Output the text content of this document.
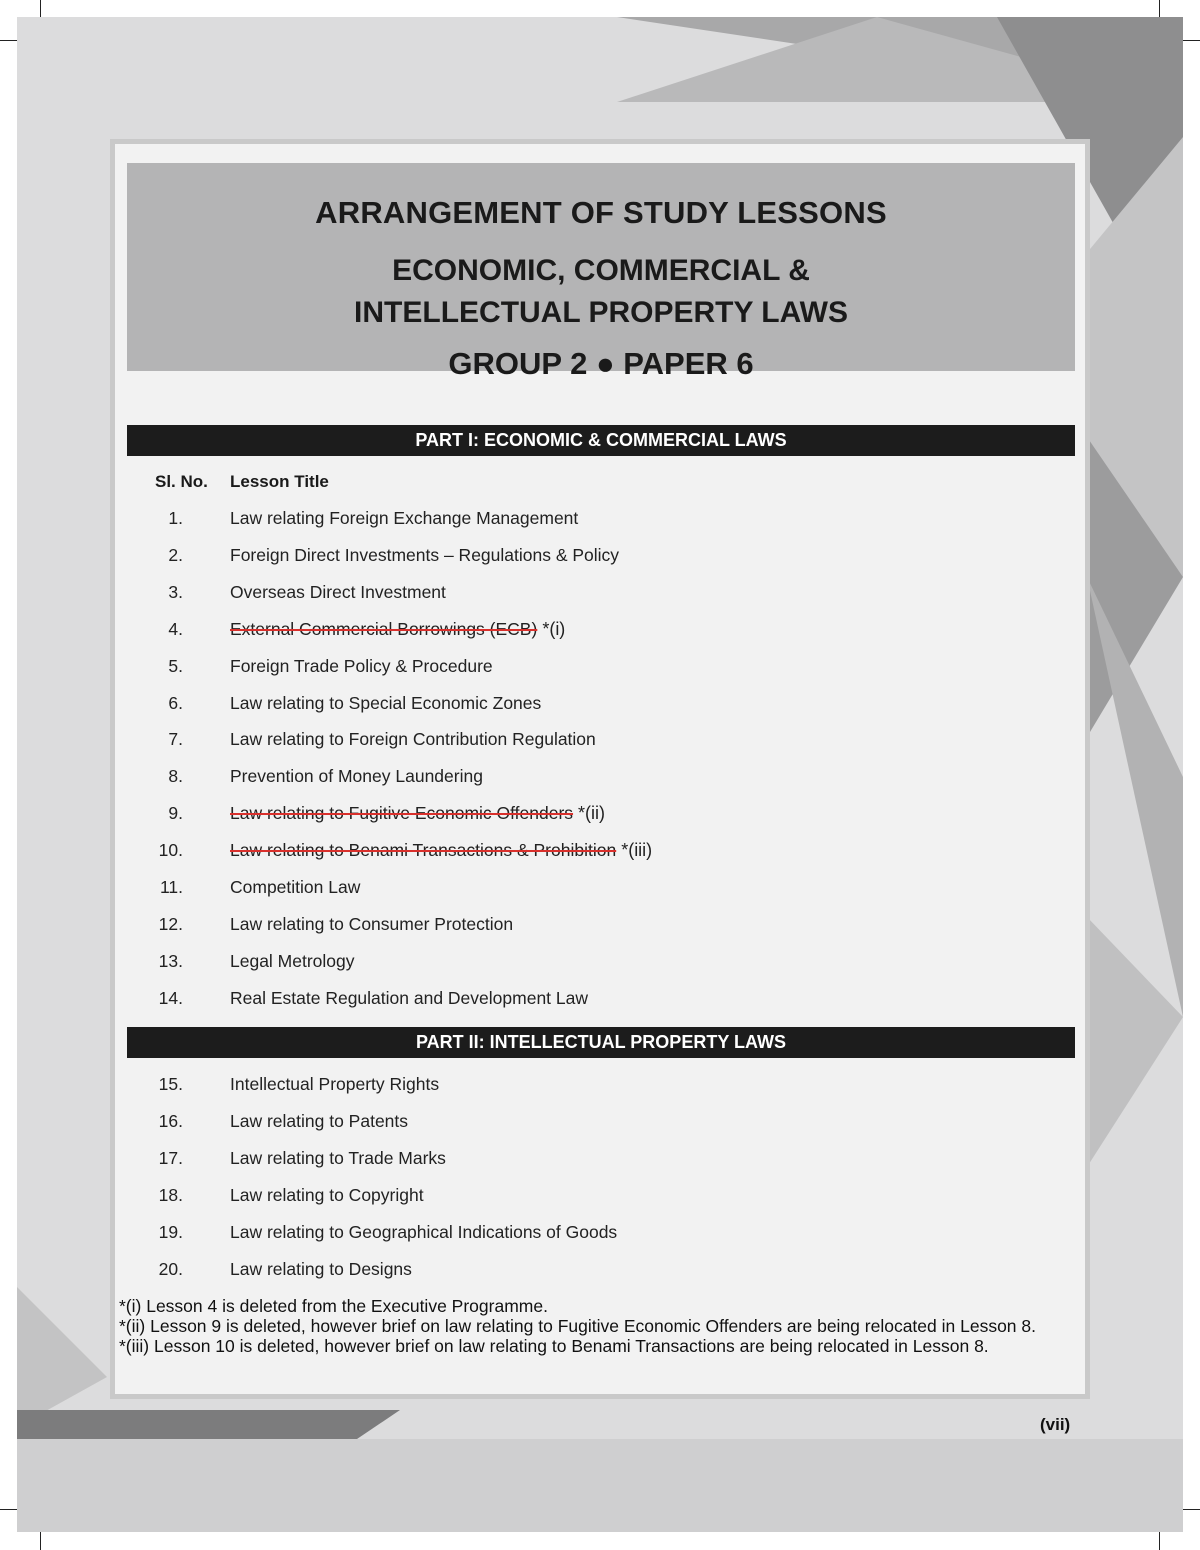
(vii)
ARRANGEMENT OF STUDY LESSONS
ECONOMIC, COMMERCIAL &
INTELLECTUAL PROPERTY LAWS
GROUP 2 ● PAPER 6
PART I: ECONOMIC & COMMERCIAL LAWS
Sl. No. Lesson Title
1.	Law relating Foreign Exchange Management
2.	Foreign Direct Investments – Regulations & Policy
3.	Overseas Direct Investment
4.	External Commercial Borrowings (ECB) *(i)
5.	Foreign Trade Policy & Procedure
6.	Law relating to Special Economic Zones
7.	Law relating to Foreign Contribution Regulation
8.	Prevention of Money Laundering
9.	Law relating to Fugitive Economic Offenders *(ii)
10.	Law relating to Benami Transactions & Prohibition *(iii)
11.	Competition Law
12.	Law relating to Consumer Protection
13.	Legal Metrology
14.	Real Estate Regulation and Development Law
PART II: INTELLECTUAL PROPERTY LAWS
15.	Intellectual Property Rights
16.	Law relating to Patents
17.	Law relating to Trade Marks
18.	Law relating to Copyright
19.	Law relating to Geographical Indications of Goods
20.	Law relating to Designs
*(i) Lesson 4 is deleted from the Executive Programme.
*(ii) Lesson 9 is deleted, however brief on law relating to Fugitive Economic Offenders are being relocated in Lesson 8.
*(iii) Lesson 10 is deleted, however brief on law relating to Benami Transactions are being relocated in Lesson 8.
